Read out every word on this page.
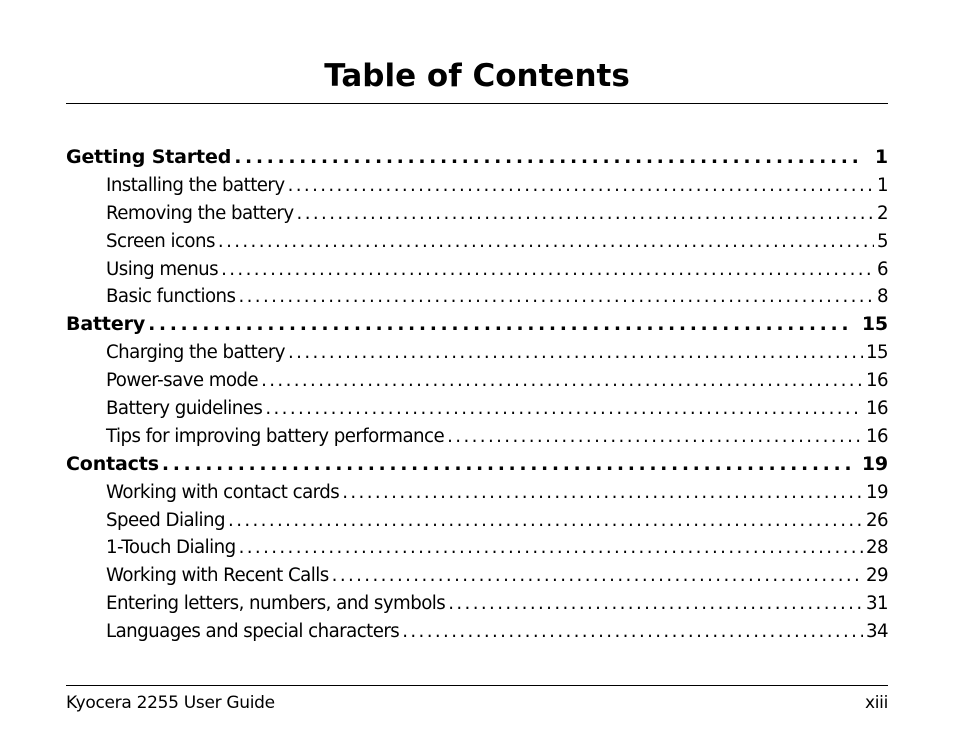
Table of Contents
Getting Started . . .	1
Installing the battery . . .	1
Removing the battery . . .	2
Screen icons . . .	5
Using menus . . .	6
Basic functions . . .	8
Battery . . .	15
Charging the battery . . .	15
Power-save mode . . .	16
Battery guidelines . . .	16
Tips for improving battery performance . . .	16
Contacts . . .	19
Working with contact cards . . .	19
Speed Dialing . . .	26
1-Touch Dialing . . .	28
Working with Recent Calls . . .	29
Entering letters, numbers, and symbols . . .	31
Languages and special characters . . .	34
Kyocera 2255 User Guide	xiii
